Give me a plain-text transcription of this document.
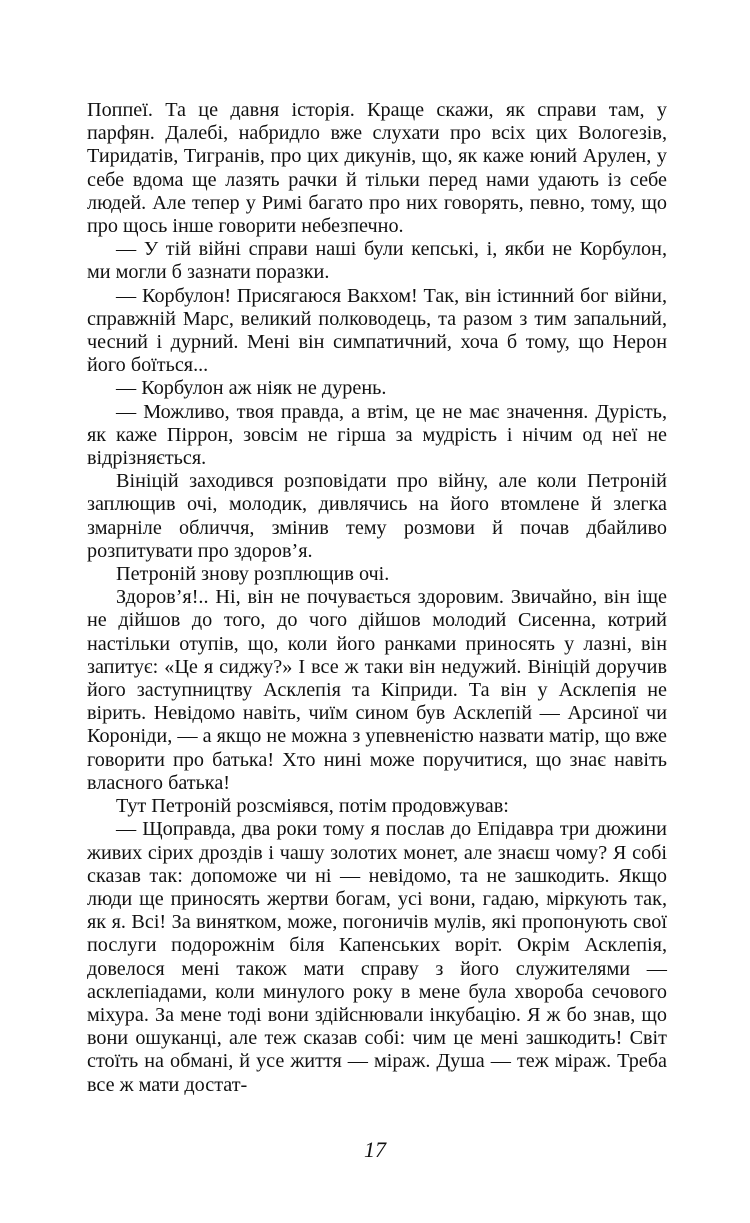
Поппеї. Та це давня історія. Краще скажи, як справи там, у парфян. Далебі, набридло вже слухати про всіх цих Вологезів, Тиридатів, Тигранів, про цих дикунів, що, як каже юний Арулен, у себе вдома ще лазять рачки й тільки перед нами удають із себе людей. Але тепер у Римі багато про них говорять, певно, тому, що про щось інше говорити небезпечно.

— У тій війні справи наші були кепські, і, якби не Корбулон, ми могли б зазнати поразки.

— Корбулон! Присягаюся Вакхом! Так, він істинний бог війни, справжній Марс, великий полководець, та разом з тим запальний, чесний і дурний. Мені він симпатичний, хоча б тому, що Нерон його боїться...

— Корбулон аж ніяк не дурень.

— Можливо, твоя правда, а втім, це не має значення. Дурість, як каже Піррон, зовсім не гірша за мудрість і нічим од неї не відрізняється.

Вініцій заходився розповідати про війну, але коли Петроній заплющив очі, молодик, дивлячись на його втомлене й злегка змарніле обличчя, змінив тему розмови й почав дбайливо розпитувати про здоров’я.

Петроній знову розплющив очі.

Здоров’я!.. Ні, він не почувається здоровим. Звичайно, він іще не дійшов до того, до чого дійшов молодий Сисенна, котрий настільки отупів, що, коли його ранками приносять у лазні, він запитує: «Це я сиджу?» І все ж таки він недужий. Вініцій доручив його заступництву Асклепія та Кіприди. Та він у Асклепія не вірить. Невідомо навіть, чиїм сином був Асклепій — Арсиної чи Короніди, — а якщо не можна з упевненістю назвати матір, що вже говорити про батька! Хто нині може поручитися, що знає навіть власного батька!

Тут Петроній розсміявся, потім продовжував:

— Щоправда, два роки тому я послав до Епідавра три дюжини живих сірих дроздів і чашу золотих монет, але знаєш чому? Я собі сказав так: допоможе чи ні — невідомо, та не зашкодить. Якщо люди ще приносять жертви богам, усі вони, гадаю, міркують так, як я. Всі! За винятком, може, погоничів мулів, які пропонують свої послуги подорожнім біля Капенських воріт. Окрім Асклепія, довелося мені також мати справу з його служителями — асклепіадами, коли минулого року в мене була хвороба сечового міхура. За мене тоді вони здійснювали інкубацію. Я ж бо знав, що вони ошуканці, але теж сказав собі: чим це мені зашкодить! Світ стоїть на обмані, й усе життя — міраж. Душа — теж міраж. Треба все ж мати достат-

17
